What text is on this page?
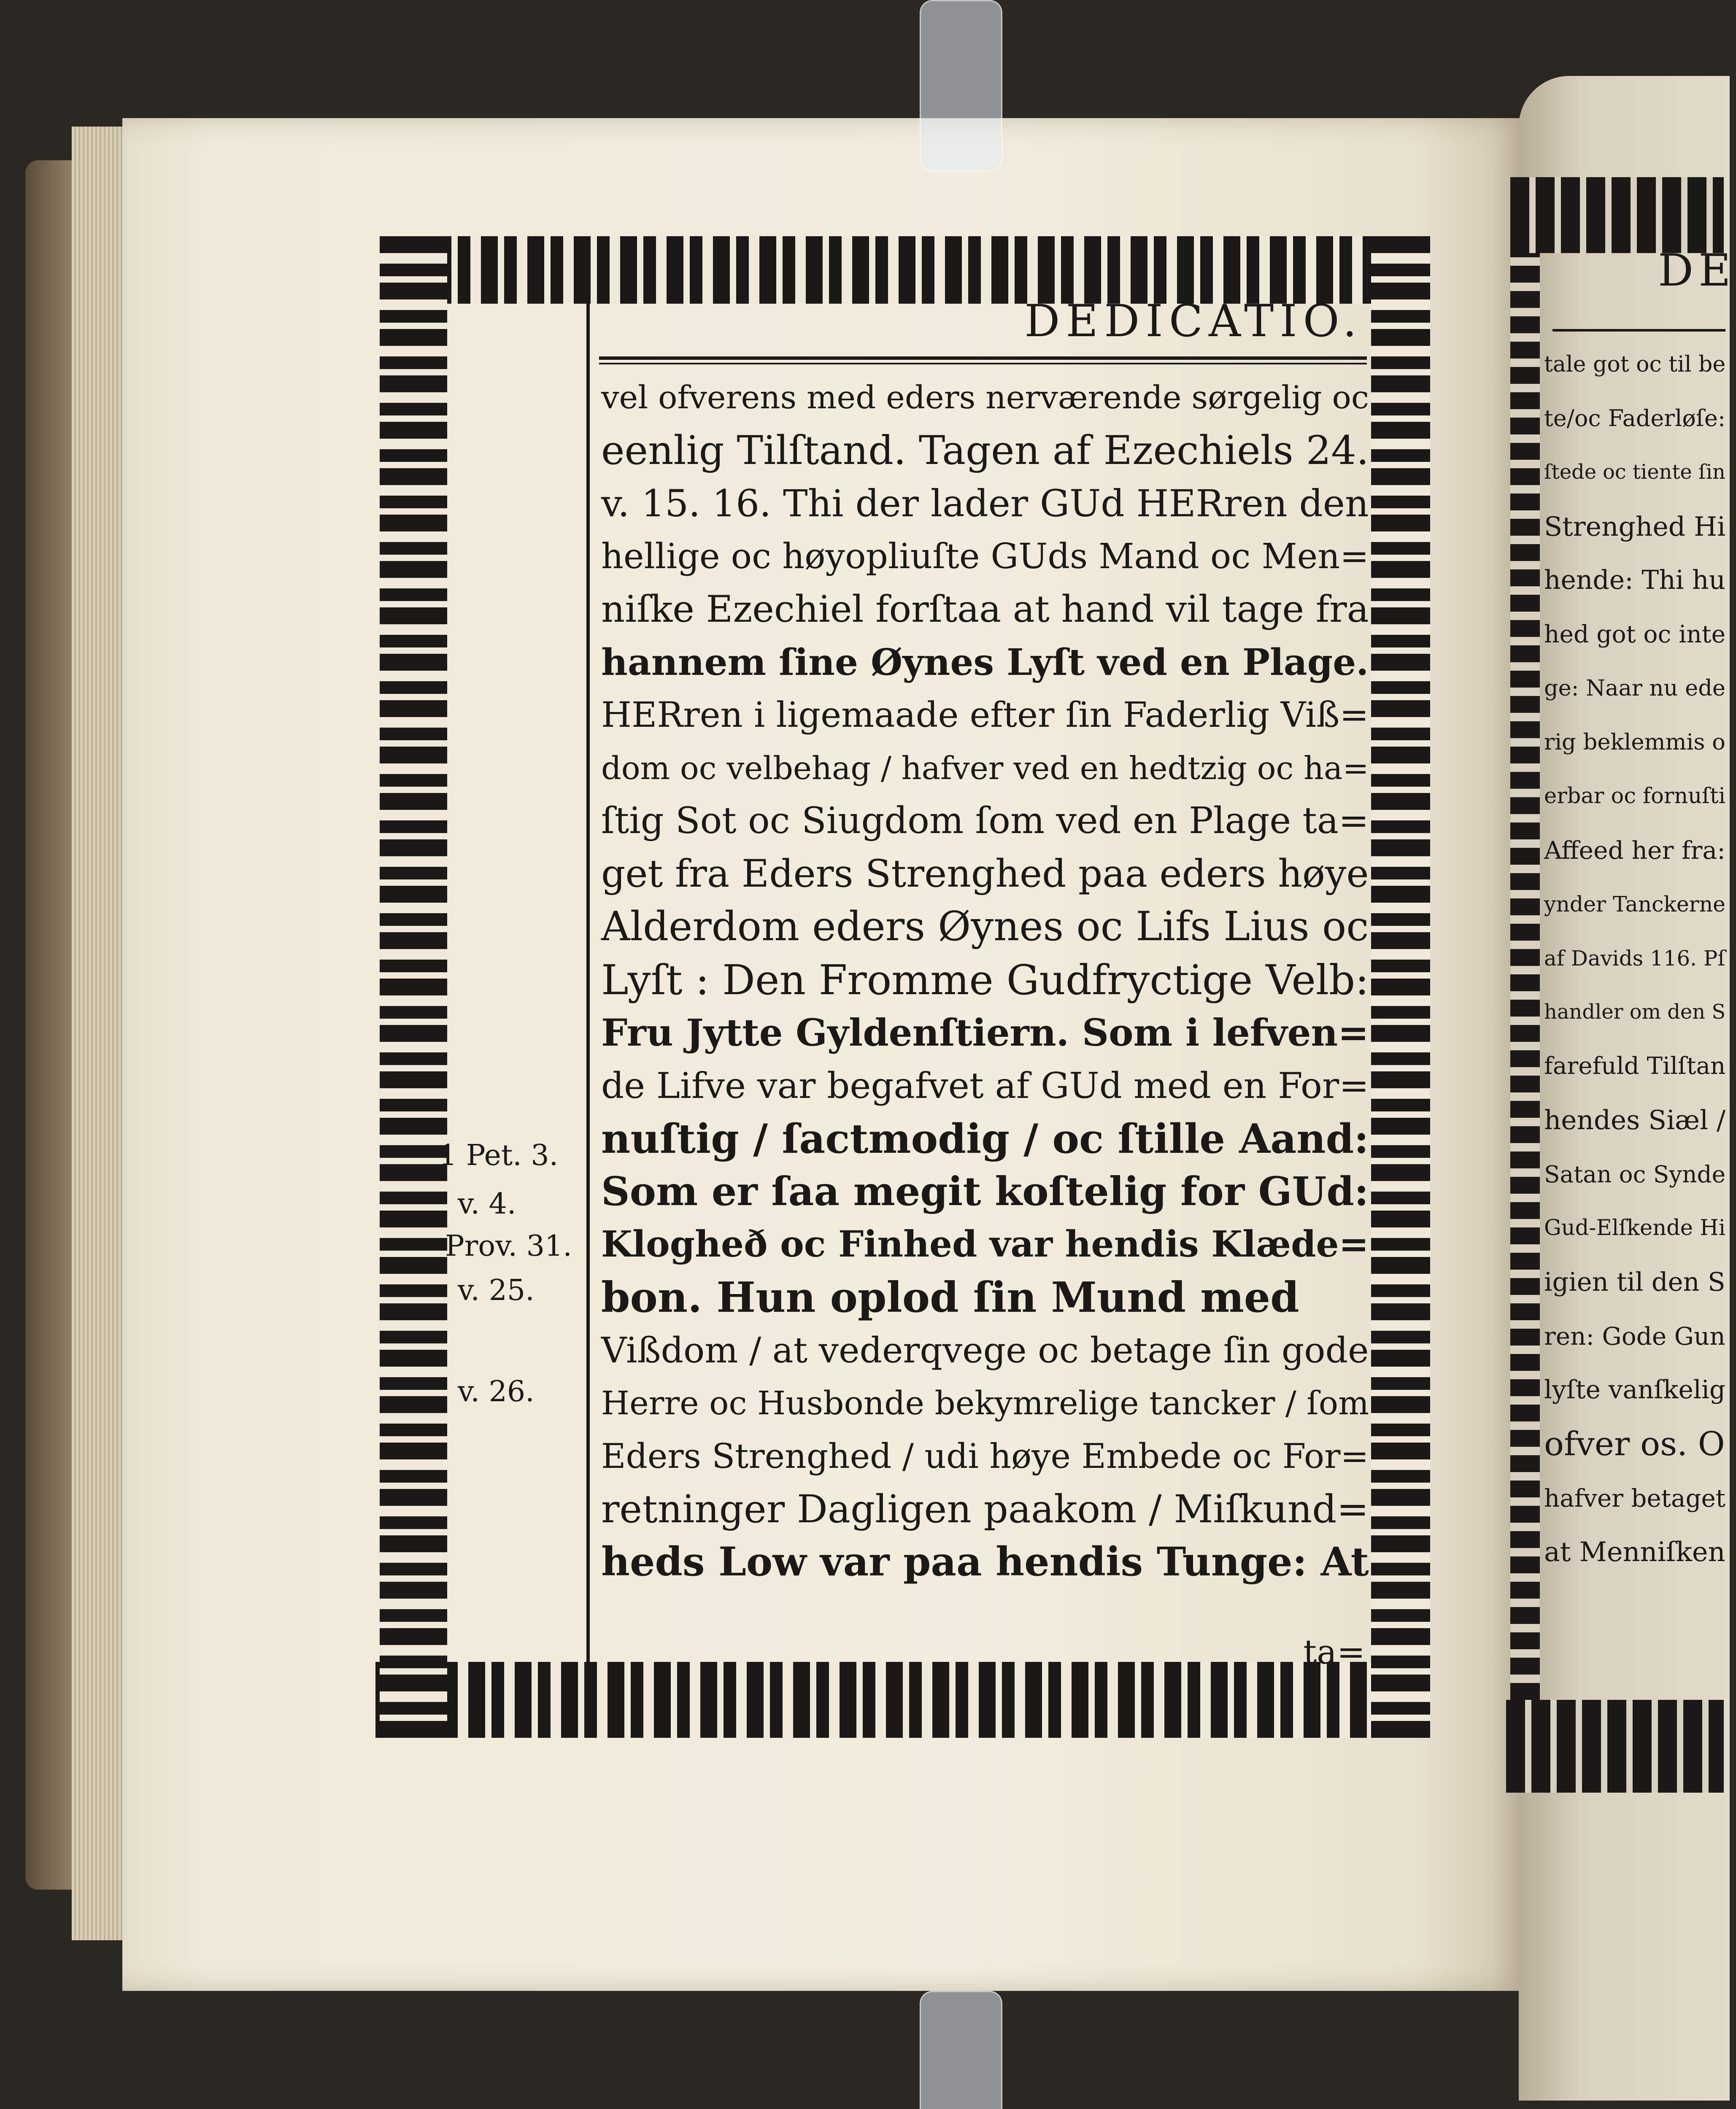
DE
tale got oc til be
te/oc Faderløſe:
ſtede oc tiente ſin
Strenghed Hi
hende: Thi hu
hed got oc inte
ge: Naar nu ede
rig beklemmis o
erbar oc fornuſti
Affeed her fra:
ynder Tanckerne
af Davids 116. Pſ
handler om den S
farefuld Tilſtan
hendes Siæl /
Satan oc Synde
Gud-Elſkende Hi
igien til den S
ren: Gode Gun
lyſte vanſkelig
ofver os. O
hafver betaget
at Menniſken
DEDICATIO.
vel ofverens med eders nerværende sørgelig oc
eenlig Tilſtand. Tagen af Ezechiels 24.
v. 15. 16. Thi der lader GUd HERren den
hellige oc høyopliuſte GUds Mand oc Men=
niſke Ezechiel forſtaa at hand vil tage fra
hannem ſine Øynes Lyſt ved en Plage.
HERren i ligemaade efter ſin Faderlig Viß=
dom oc velbehag / hafver ved en hedtzig oc ha=
ſtig Sot oc Siugdom ſom ved en Plage ta=
get fra Eders Strenghed paa eders høye
Alderdom eders Øynes oc Lifs Lius oc
Lyſt : Den Fromme Gudfryctige Velb:
Fru Jytte Gyldenſtiern. Som i lefven=
de Lifve var begafvet af GUd med en For=
nuſtig / ſactmodig / oc ſtille Aand:
Som er ſaa megit koſtelig for GUd:
Klogheð oc Finhed var hendis Klæde=
bon. Hun oplod ſin Mund med
Vißdom / at vederqvege oc betage ſin gode
Herre oc Husbonde bekymrelige tancker / ſom
Eders Strenghed / udi høye Embede oc For=
retninger Dagligen paakom / Miſkund=
heds Low var paa hendis Tunge: At
1 Pet. 3.
v. 4.
Prov. 31.
v. 25.
v. 26.
ta=
